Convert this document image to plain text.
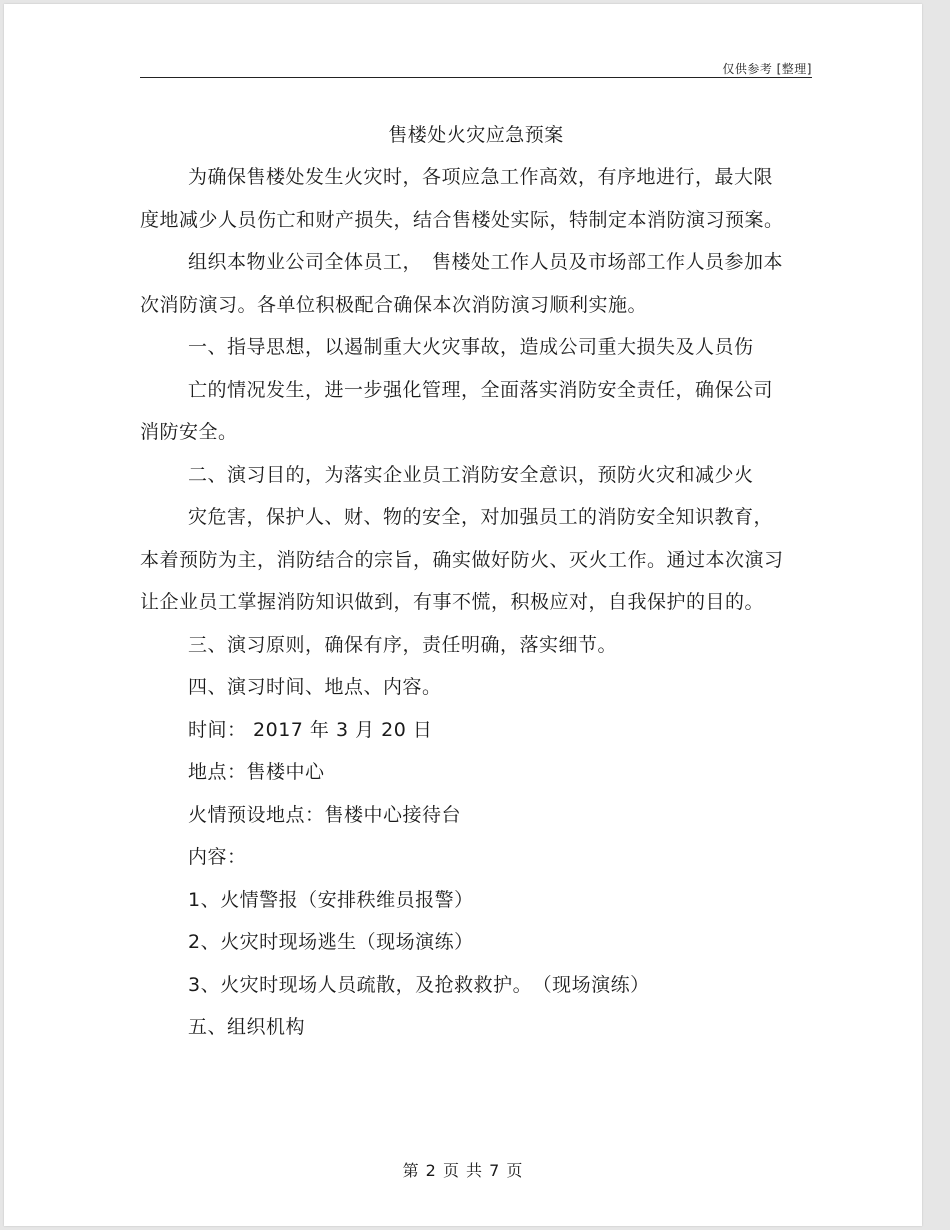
仅供参考 [整理]
售楼处火灾应急预案

为确保售楼处发生火灾时，各项应急工作高效，有序地进行，最大限度地减少人员伤亡和财产损失，结合售楼处实际，特制定本消防演习预案。

组织本物业公司全体员工，　售楼处工作人员及市场部工作人员参加本次消防演习。各单位积极配合确保本次消防演习顺利实施。

一、指导思想，以遏制重大火灾事故，造成公司重大损失及人员伤

亡的情况发生，进一步强化管理，全面落实消防安全责任，确保公司消防安全。

二、演习目的，为落实企业员工消防安全意识，预防火灾和减少火

灾危害，保护人、财、物的安全，对加强员工的消防安全知识教育，本着预防为主，消防结合的宗旨，确实做好防火、灭火工作。通过本次演习让企业员工掌握消防知识做到，有事不慌，积极应对，自我保护的目的。

三、演习原则，确保有序，责任明确，落实细节。

四、演习时间、地点、内容。

时间： 2017 年 3 月 20 日

地点：售楼中心

火情预设地点：售楼中心接待台

内容：

1、火情警报（安排秩维员报警）

2、火灾时现场逃生（现场演练）

3、火灾时现场人员疏散，及抢救救护。　（现场演练）

五、组织机构

第 2 页 共 7 页
